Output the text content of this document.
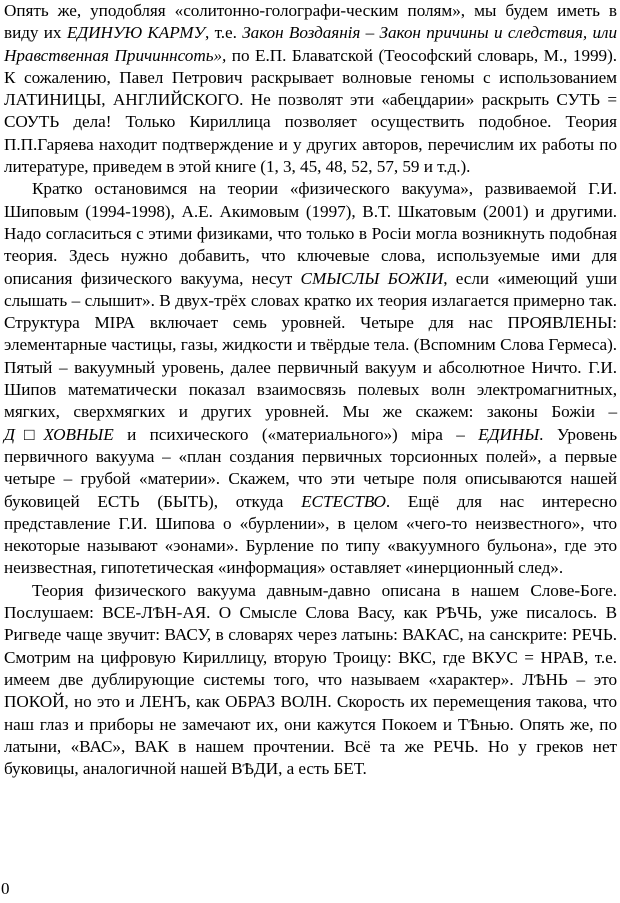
Опять же, уподобляя «солитонно-голографи-ческим полям», мы будем иметь в виду их ЕДИНУЮ КАРМУ, т.е. Закон Воздаянія – Закон причины и следствия, или Нравственная Причиннсоть», по Е.П. Блаватской (Теософский словарь, М., 1999). К сожалению, Павел Петрович раскрывает волновые геномы с использованием ЛАТИНИЦЫ, АНГЛИЙСКОГО. Не позволят эти «абецдарии» раскрыть СУТЬ = СОУТЬ дела! Только Кириллица позволяет осуществить подобное. Теория П.П.Гаряева находит подтверждение и у других авторов, перечислим их работы по литературе, приведем в этой книге (1, 3, 45, 48, 52, 57, 59 и т.д.).

Кратко остановимся на теории «физического вакуума», развиваемой Г.И. Шиповым (1994-1998), А.Е. Акимовым (1997), В.Т. Шкатовым (2001) и другими. Надо согласиться с этими физиками, что только в Росіи могла возникнуть подобная теория. Здесь нужно добавить, что ключевые слова, используемые ими для описания физического вакуума, несут СМЫСЛЫ БОЖІИ, если «имеющий уши слышать – слышит». В двух-трёх словах кратко их теория излагается примерно так. Структура МІРА включает семь уровней. Четыре для нас ПРОЯВЛЕНЫ: элементарные частицы, газы, жидкости и твёрдые тела. (Вспомним Слова Гермеса). Пятый – вакуумный уровень, далее первичный вакуум и абсолютное Ничто. Г.И. Шипов математически показал взаимосвязь полевых волн электромагнитных, мягких, сверхмягких и других уровней. Мы же скажем: законы Божіи – Д□ХОВНЫЕ и психического («материального») міра – ЕДИНЫ. Уровень первичного вакуума – «план создания первичных торсионных полей», а первые четыре – грубой «материи». Скажем, что эти четыре поля описываются нашей буковицей ЕСТЬ (БЫТЬ), откуда ЕСТЕСТВО. Ещё для нас интересно представление Г.И. Шипова о «бурлении», в целом «чего-то неизвестного», что некоторые называют «эонами». Бурление по типу «вакуумного бульона», где это неизвестная, гипотетическая «информация» оставляет «инерционный след».

Теория физического вакуума давным-давно описана в нашем Слове-Боге. Послушаем: ВСЕ-ЛѢН-АЯ. О Смысле Слова Васу, как РѢЧЬ, уже писалось. В Ригведе чаще звучит: ВАСУ, в словарях через латынь: ВАКАС, на санскрите: РЕЧЬ. Смотрим на цифровую Кириллицу, вторую Троицу: ВКС, где ВКУС = НРАВ, т.е. имеем две дублирующие системы того, что называем «характер». ЛѢНЬ – это ПОКОЙ, но это и ЛЕНЪ, как ОБРАЗ ВОЛН. Скорость их перемещения такова, что наш глаз и приборы не замечают их, они кажутся Покоем и ТѢнью. Опять же, по латыни, «ВАС», ВАК в нашем прочтении. Всё та же РЕЧЬ. Но у греков нет буковицы, аналогичной нашей ВѢДИ, а есть БЕТ.

0
